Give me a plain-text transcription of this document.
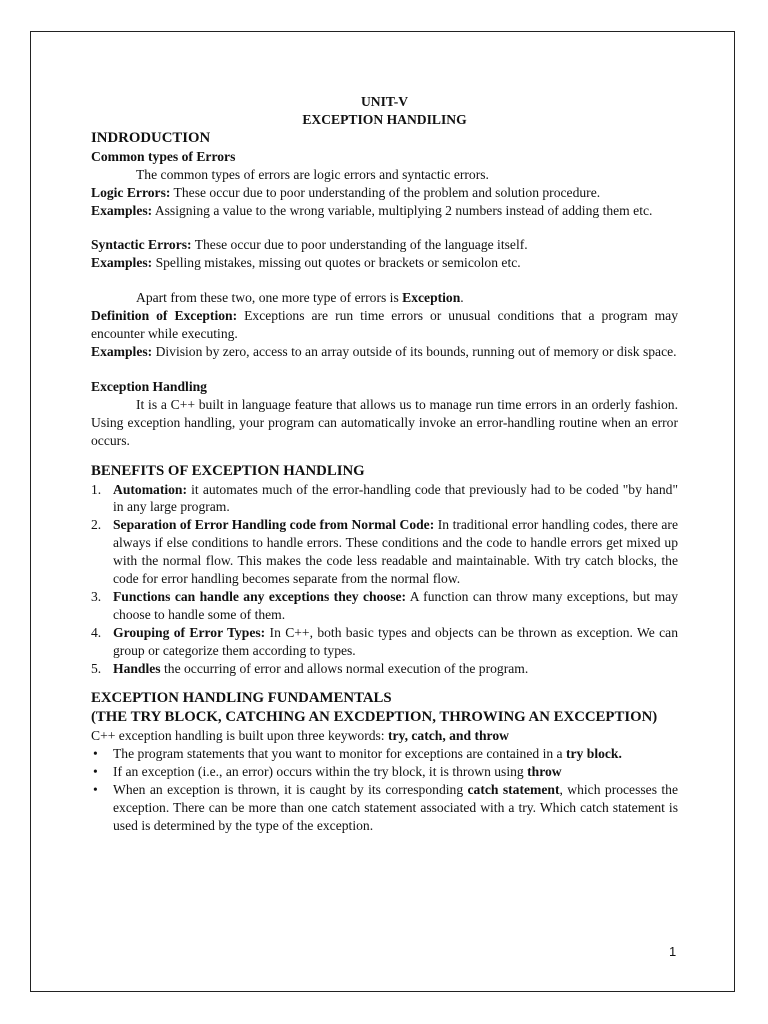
UNIT-V
EXCEPTION HANDILING
INDRODUCTION
Common types of Errors
The common types of errors are logic errors and syntactic errors.
Logic Errors: These occur due to poor understanding of the problem and solution procedure.
Examples: Assigning a value to the wrong variable, multiplying 2 numbers instead of adding them etc.
Syntactic Errors: These occur due to poor understanding of the language itself.
Examples: Spelling mistakes, missing out quotes or brackets or semicolon etc.
Apart from these two, one more type of errors is Exception.
Definition of Exception: Exceptions are run time errors or unusual conditions that a program may encounter while executing.
Examples: Division by zero, access to an array outside of its bounds, running out of memory or disk space.
Exception Handling
It is a C++ built in language feature that allows us to manage run time errors in an orderly fashion. Using exception handling, your program can automatically invoke an error-handling routine when an error occurs.
BENEFITS OF EXCEPTION HANDLING
1. Automation: it automates much of the error-handling code that previously had to be coded "by hand" in any large program.
2. Separation of Error Handling code from Normal Code: In traditional error handling codes, there are always if else conditions to handle errors. These conditions and the code to handle errors get mixed up with the normal flow. This makes the code less readable and maintainable. With try catch blocks, the code for error handling becomes separate from the normal flow.
3. Functions can handle any exceptions they choose: A function can throw many exceptions, but may choose to handle some of them.
4. Grouping of Error Types: In C++, both basic types and objects can be thrown as exception. We can group or categorize them according to types.
5. Handles the occurring of error and allows normal execution of the program.
EXCEPTION HANDLING FUNDAMENTALS
(THE TRY BLOCK, CATCHING AN EXCDEPTION, THROWING AN EXCCEPTION)
C++ exception handling is built upon three keywords: try, catch, and throw
• The program statements that you want to monitor for exceptions are contained in a try block.
• If an exception (i.e., an error) occurs within the try block, it is thrown using throw
• When an exception is thrown, it is caught by its corresponding catch statement, which processes the exception. There can be more than one catch statement associated with a try. Which catch statement is used is determined by the type of the exception.
1
